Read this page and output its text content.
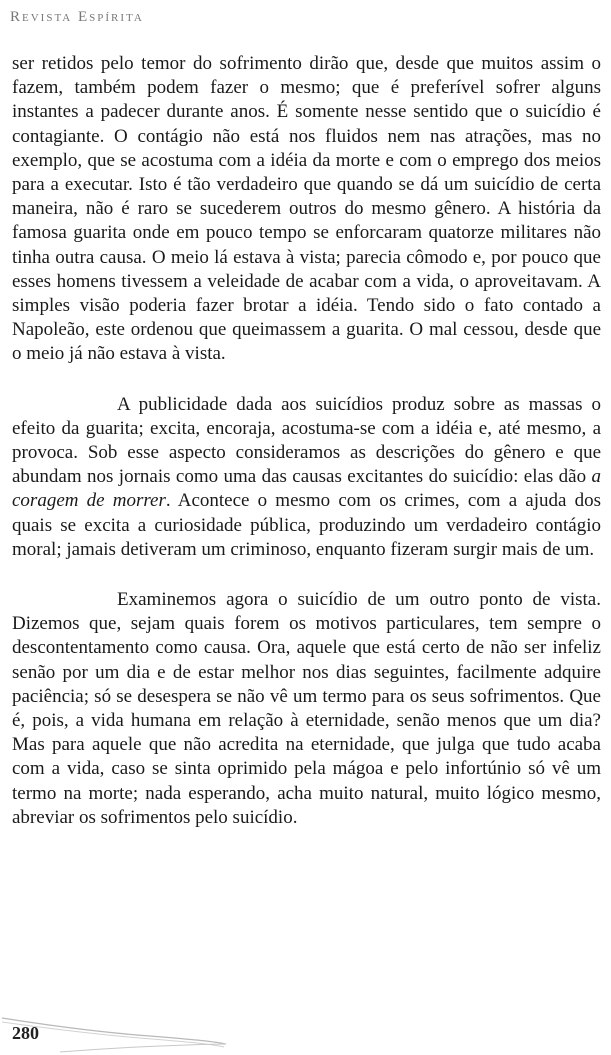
Revista Espírita

ser retidos pelo temor do sofrimento dirão que, desde que muitos assim o fazem, também podem fazer o mesmo; que é preferível sofrer alguns instantes a padecer durante anos. É somente nesse sentido que o suicídio é contagiante. O contágio não está nos fluidos nem nas atrações, mas no exemplo, que se acostuma com a idéia da morte e com o emprego dos meios para a executar. Isto é tão verdadeiro que quando se dá um suicídio de certa maneira, não é raro se sucederem outros do mesmo gênero. A história da famosa guarita onde em pouco tempo se enforcaram quatorze militares não tinha outra causa. O meio lá estava à vista; parecia cômodo e, por pouco que esses homens tivessem a veleidade de acabar com a vida, o aproveitavam. A simples visão poderia fazer brotar a idéia. Tendo sido o fato contado a Napoleão, este ordenou que queimassem a guarita. O mal cessou, desde que o meio já não estava à vista.

A publicidade dada aos suicídios produz sobre as massas o efeito da guarita; excita, encoraja, acostuma-se com a idéia e, até mesmo, a provoca. Sob esse aspecto consideramos as descrições do gênero e que abundam nos jornais como uma das causas excitantes do suicídio: elas dão a coragem de morrer. Acontece o mesmo com os crimes, com a ajuda dos quais se excita a curiosidade pública, produzindo um verdadeiro contágio moral; jamais detiveram um criminoso, enquanto fizeram surgir mais de um.

Examinemos agora o suicídio de um outro ponto de vista. Dizemos que, sejam quais forem os motivos particulares, tem sempre o descontentamento como causa. Ora, aquele que está certo de não ser infeliz senão por um dia e de estar melhor nos dias seguintes, facilmente adquire paciência; só se desespera se não vê um termo para os seus sofrimentos. Que é, pois, a vida humana em relação à eternidade, senão menos que um dia? Mas para aquele que não acredita na eternidade, que julga que tudo acaba com a vida, caso se sinta oprimido pela mágoa e pelo infortúnio só vê um termo na morte; nada esperando, acha muito natural, muito lógico mesmo, abreviar os sofrimentos pelo suicídio.

280
